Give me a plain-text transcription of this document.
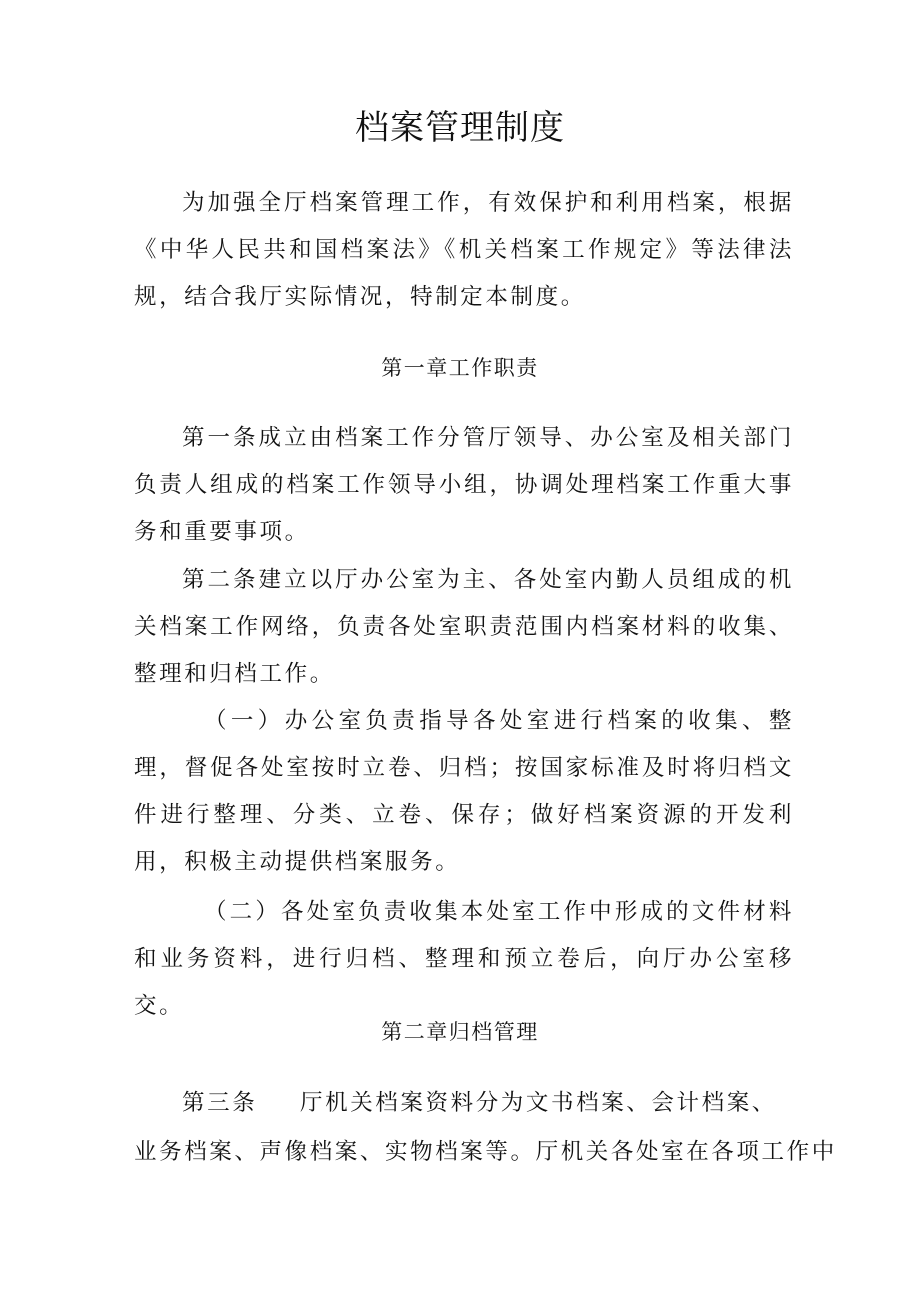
档案管理制度
为加强全厅档案管理工作，有效保护和利用档案，根据《中华人民共和国档案法》《机关档案工作规定》等法律法规，结合我厅实际情况，特制定本制度。
第一章工作职责
第一条成立由档案工作分管厅领导、办公室及相关部门负责人组成的档案工作领导小组，协调处理档案工作重大事务和重要事项。
第二条建立以厅办公室为主、各处室内勤人员组成的机关档案工作网络，负责各处室职责范围内档案材料的收集、整理和归档工作。
（一）办公室负责指导各处室进行档案的收集、整理，督促各处室按时立卷、归档；按国家标准及时将归档文件进行整理、分类、立卷、保存；做好档案资源的开发利用，积极主动提供档案服务。
（二）各处室负责收集本处室工作中形成的文件材料和业务资料，进行归档、整理和预立卷后，向厅办公室移交。
第二章归档管理
第三条 厅机关档案资料分为文书档案、会计档案、
业务档案、声像档案、实物档案等。厅机关各处室在各项工作中
